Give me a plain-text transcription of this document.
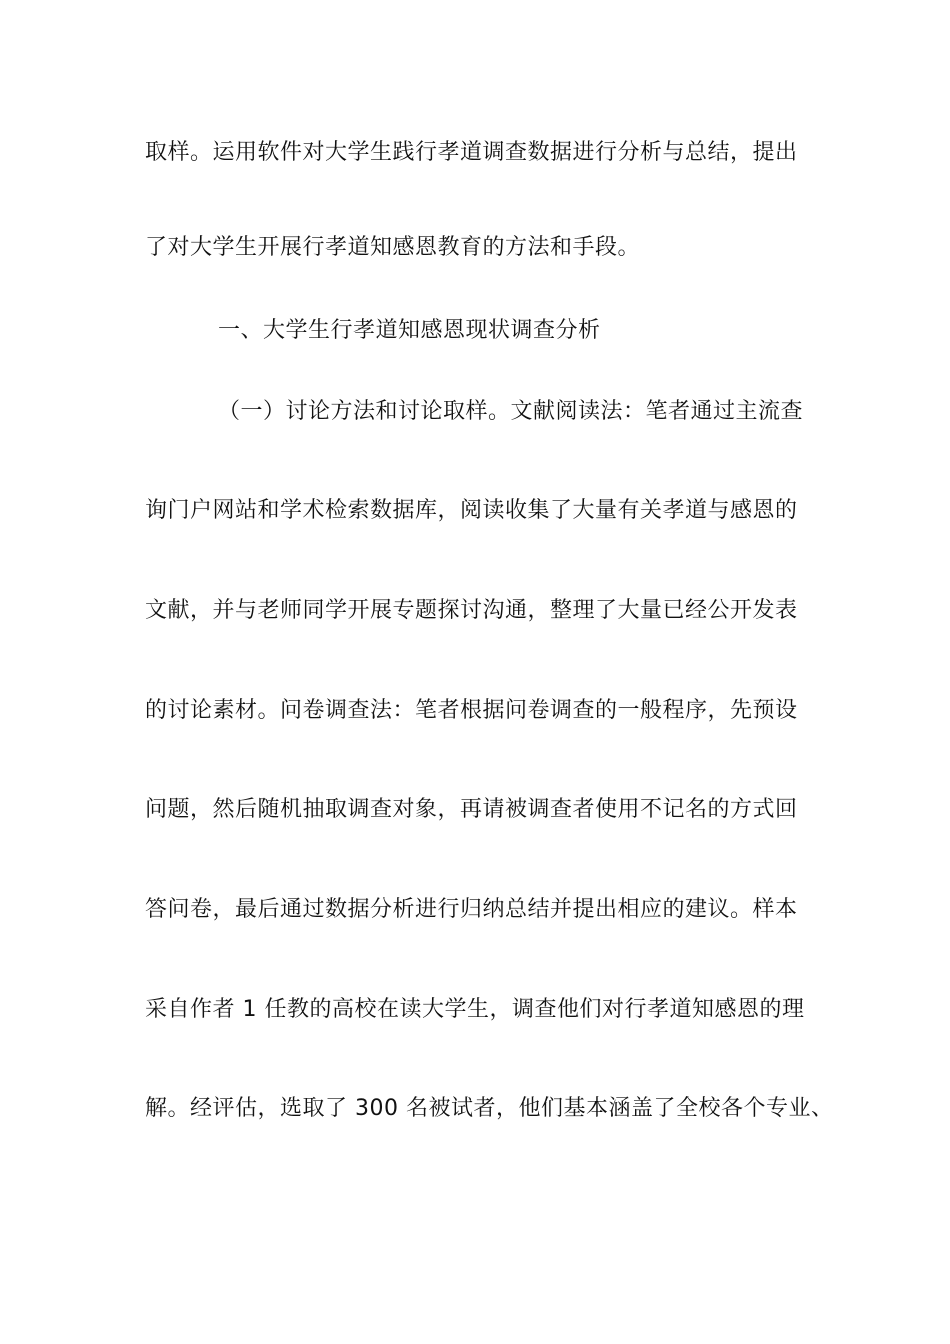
取样。运用软件对大学生践行孝道调查数据进行分析与总结，提出
了对大学生开展行孝道知感恩教育的方法和手段。
一、大学生行孝道知感恩现状调查分析
（一）讨论方法和讨论取样。文献阅读法：笔者通过主流查
询门户网站和学术检索数据库，阅读收集了大量有关孝道与感恩的
文献，并与老师同学开展专题探讨沟通，整理了大量已经公开发表
的讨论素材。问卷调查法：笔者根据问卷调查的一般程序，先预设
问题，然后随机抽取调查对象，再请被调查者使用不记名的方式回
答问卷，最后通过数据分析进行归纳总结并提出相应的建议。样本
采自作者 1 任教的高校在读大学生，调查他们对行孝道知感恩的理
解。经评估，选取了 300 名被试者，他们基本涵盖了全校各个专业、
